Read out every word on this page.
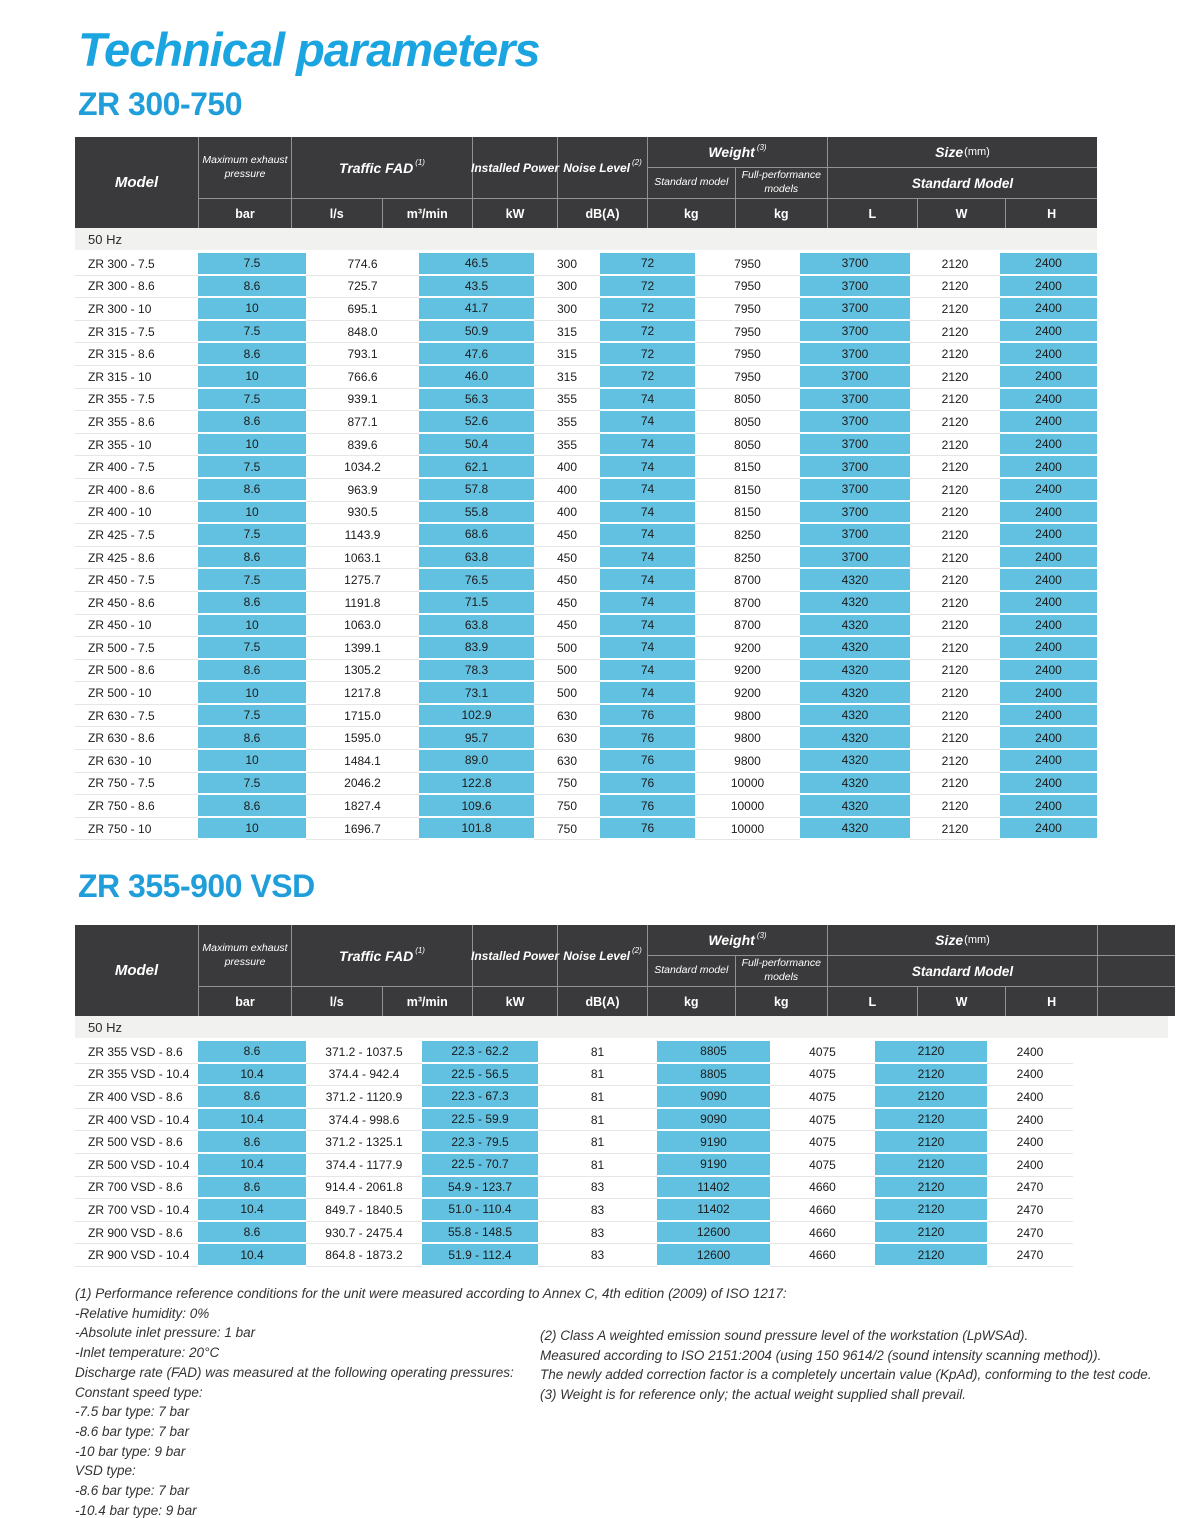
Technical parameters
ZR 300-750
Model
Maximum exhaust pressure
bar
Traffic FAD (1)
l/s	m³/min
Installed Power
kW
Noise Level (2)
dB(A)
Weight (3)
Standard model
Full-performance models
kg	kg
Size (mm)
Standard Model
L	W	H
50 Hz
ZR 300 - 7.5	7.5	774.6	46.5	300	72	7950	3700	2120	2400
ZR 300 - 8.6	8.6	725.7	43.5	300	72	7950	3700	2120	2400
ZR 300 - 10	10	695.1	41.7	300	72	7950	3700	2120	2400
ZR 315 - 7.5	7.5	848.0	50.9	315	72	7950	3700	2120	2400
ZR 315 - 8.6	8.6	793.1	47.6	315	72	7950	3700	2120	2400
ZR 315 - 10	10	766.6	46.0	315	72	7950	3700	2120	2400
ZR 355 - 7.5	7.5	939.1	56.3	355	74	8050	3700	2120	2400
ZR 355 - 8.6	8.6	877.1	52.6	355	74	8050	3700	2120	2400
ZR 355 - 10	10	839.6	50.4	355	74	8050	3700	2120	2400
ZR 400 - 7.5	7.5	1034.2	62.1	400	74	8150	3700	2120	2400
ZR 400 - 8.6	8.6	963.9	57.8	400	74	8150	3700	2120	2400
ZR 400 - 10	10	930.5	55.8	400	74	8150	3700	2120	2400
ZR 425 - 7.5	7.5	1143.9	68.6	450	74	8250	3700	2120	2400
ZR 425 - 8.6	8.6	1063.1	63.8	450	74	8250	3700	2120	2400
ZR 450 - 7.5	7.5	1275.7	76.5	450	74	8700	4320	2120	2400
ZR 450 - 8.6	8.6	1191.8	71.5	450	74	8700	4320	2120	2400
ZR 450 - 10	10	1063.0	63.8	450	74	8700	4320	2120	2400
ZR 500 - 7.5	7.5	1399.1	83.9	500	74	9200	4320	2120	2400
ZR 500 - 8.6	8.6	1305.2	78.3	500	74	9200	4320	2120	2400
ZR 500 - 10	10	1217.8	73.1	500	74	9200	4320	2120	2400
ZR 630 - 7.5	7.5	1715.0	102.9	630	76	9800	4320	2120	2400
ZR 630 - 8.6	8.6	1595.0	95.7	630	76	9800	4320	2120	2400
ZR 630 - 10	10	1484.1	89.0	630	76	9800	4320	2120	2400
ZR 750 - 7.5	7.5	2046.2	122.8	750	76	10000	4320	2120	2400
ZR 750 - 8.6	8.6	1827.4	109.6	750	76	10000	4320	2120	2400
ZR 750 - 10	10	1696.7	101.8	750	76	10000	4320	2120	2400
ZR 355-900 VSD
Model
Maximum exhaust pressure
bar
Traffic FAD (1)
l/s	m³/min
Installed Power
kW
Noise Level (2)
dB(A)
Weight (3)
Standard model
Full-performance models
kg	kg
Size (mm)
Standard Model
L	W	H
50 Hz
ZR 355 VSD - 8.6	8.6	371.2 - 1037.5	22.3 - 62.2	81	8805	4075	2120	2400
ZR 355 VSD - 10.4	10.4	374.4 - 942.4	22.5 - 56.5	81	8805	4075	2120	2400
ZR 400 VSD - 8.6	8.6	371.2 - 1120.9	22.3 - 67.3	81	9090	4075	2120	2400
ZR 400 VSD - 10.4	10.4	374.4 - 998.6	22.5 - 59.9	81	9090	4075	2120	2400
ZR 500 VSD - 8.6	8.6	371.2 - 1325.1	22.3 - 79.5	81	9190	4075	2120	2400
ZR 500 VSD - 10.4	10.4	374.4 - 1177.9	22.5 - 70.7	81	9190	4075	2120	2400
ZR 700 VSD - 8.6	8.6	914.4 - 2061.8	54.9 - 123.7	83	11402	4660	2120	2470
ZR 700 VSD - 10.4	10.4	849.7 - 1840.5	51.0 - 110.4	83	11402	4660	2120	2470
ZR 900 VSD - 8.6	8.6	930.7 - 2475.4	55.8 - 148.5	83	12600	4660	2120	2470
ZR 900 VSD - 10.4	10.4	864.8 - 1873.2	51.9 - 112.4	83	12600	4660	2120	2470
(1) Performance reference conditions for the unit were measured according to Annex C, 4th edition (2009) of ISO 1217:
-Relative humidity: 0%
-Absolute inlet pressure: 1 bar
-Inlet temperature: 20°C
Discharge rate (FAD) was measured at the following operating pressures:
Constant speed type:
-7.5 bar type: 7 bar
-8.6 bar type: 7 bar
-10 bar type: 9 bar
VSD type:
-8.6 bar type: 7 bar
-10.4 bar type: 9 bar
(2) Class A weighted emission sound pressure level of the workstation (LpWSAd).
Measured according to ISO 2151:2004 (using 150 9614/2 (sound intensity scanning method)).
The newly added correction factor is a completely uncertain value (KpAd), conforming to the test code.
(3) Weight is for reference only; the actual weight supplied shall prevail.
